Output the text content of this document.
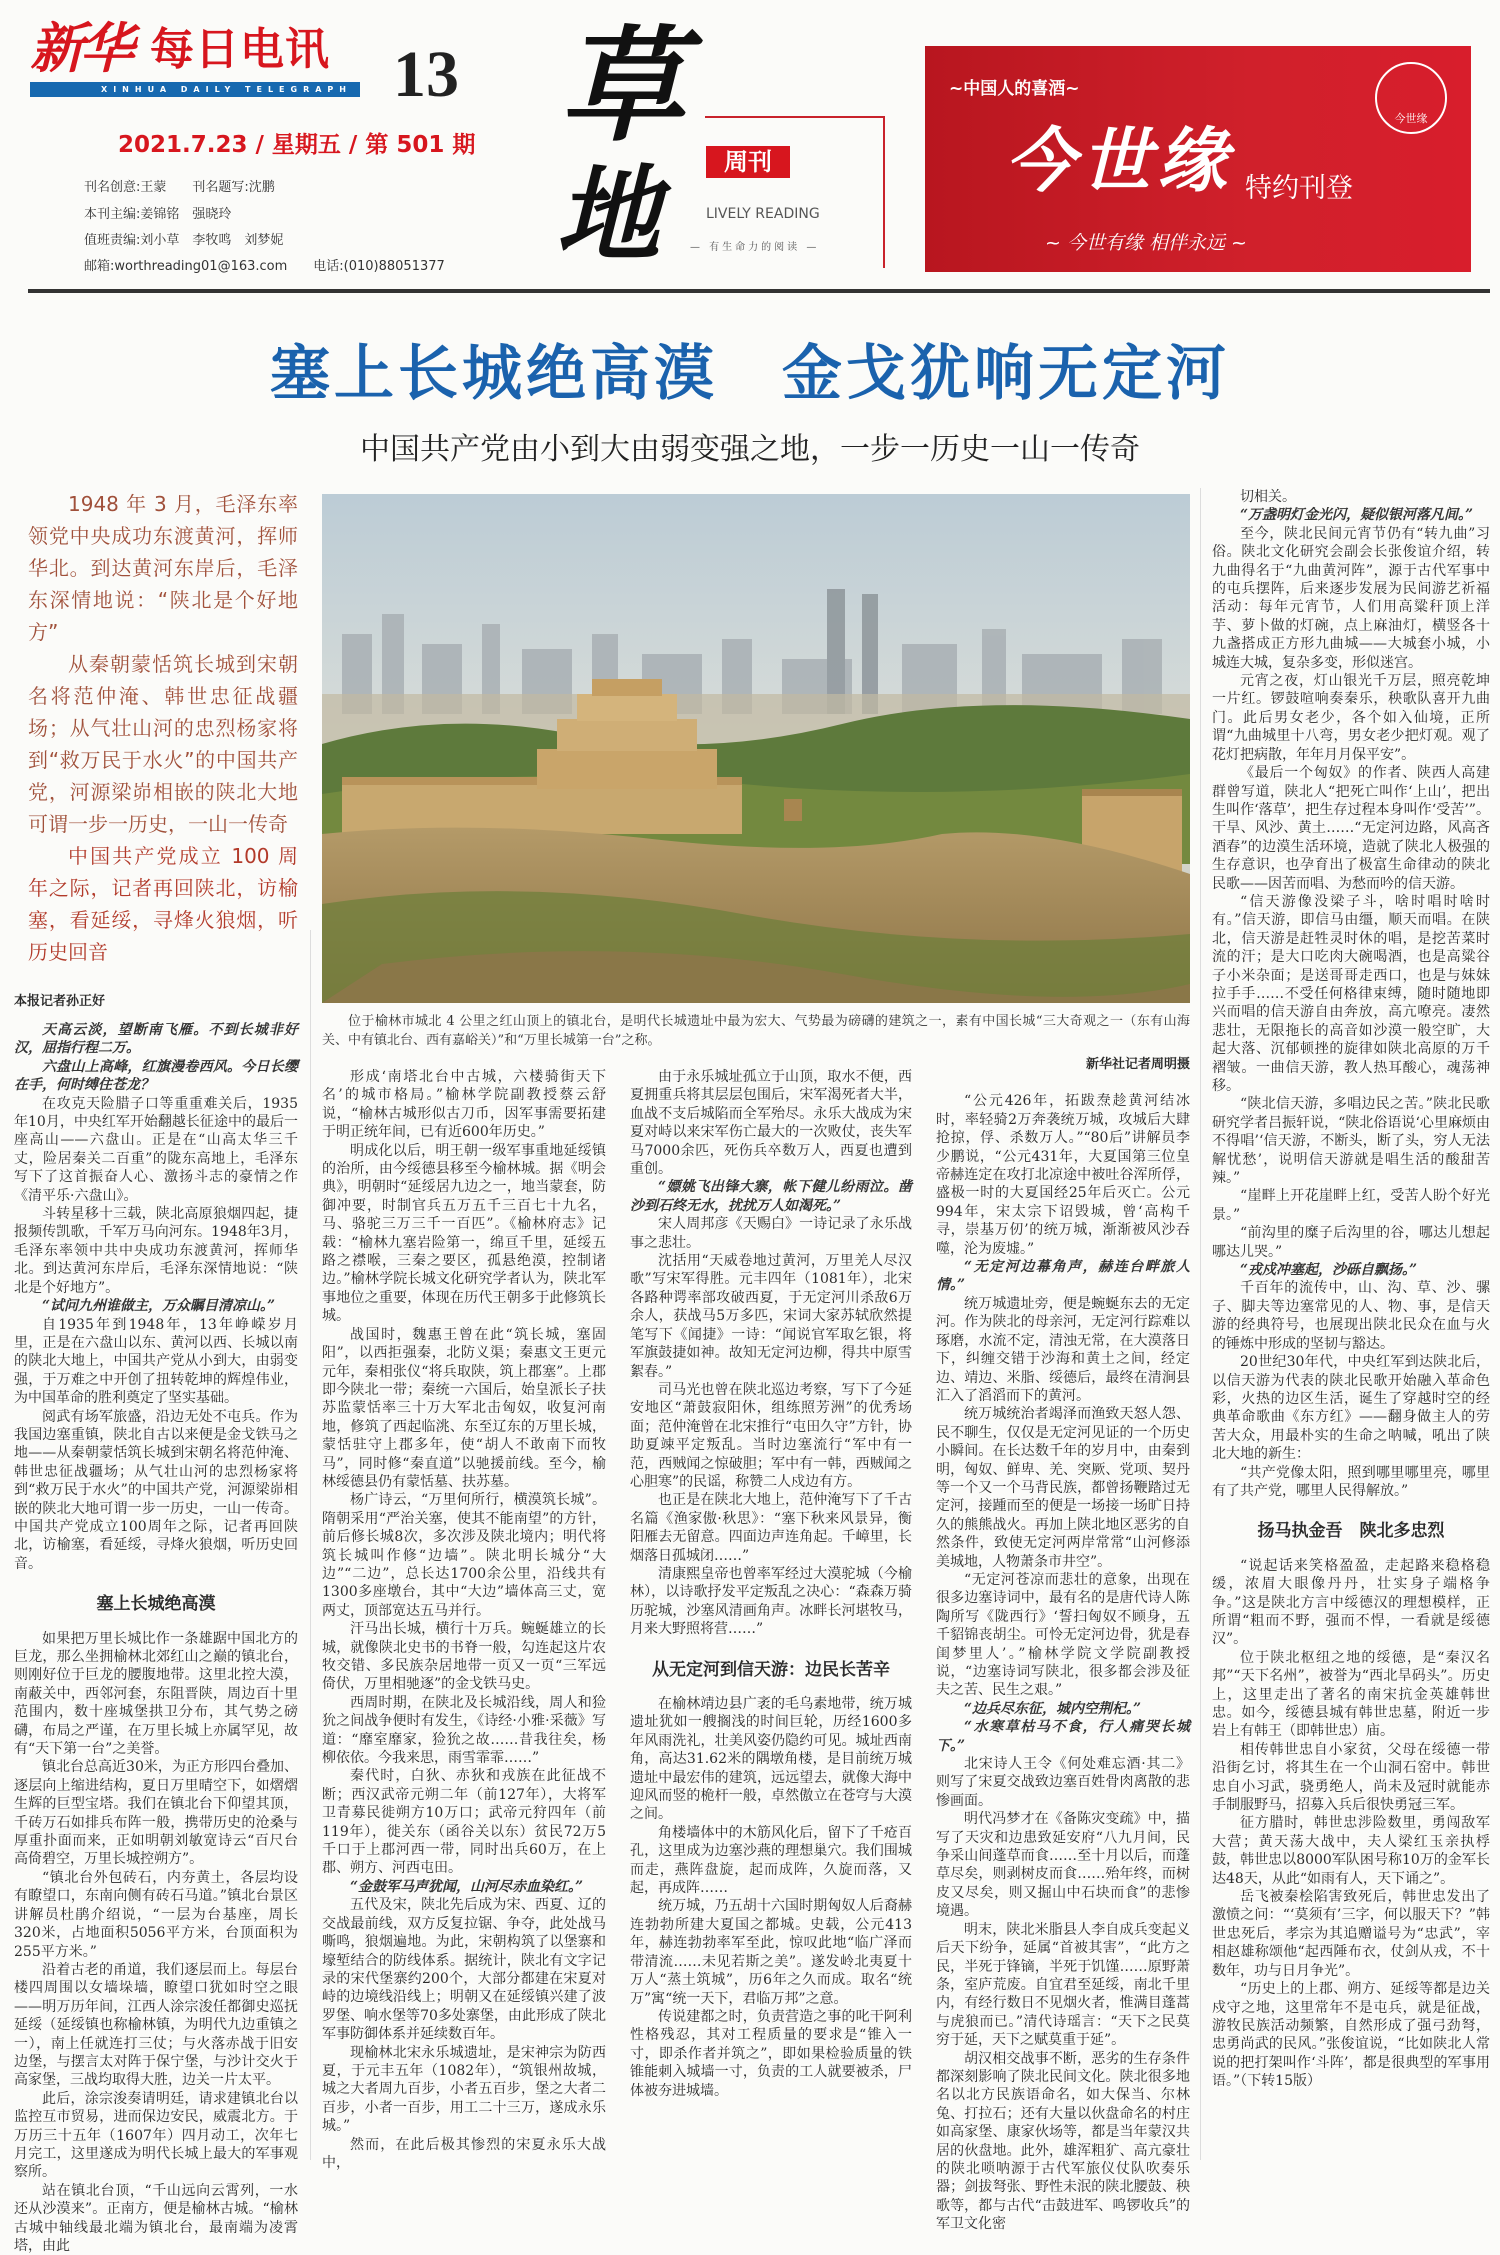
新华 每日电讯
XINHUA DAILY TELEGRAPH 13
2021.7.23 / 星期五 / 第 501 期
刊名创意:王蒙　　刊名题写:沈鹏
本刊主编:姜锦铭　强晓玲
值班责编:刘小草　李牧鸣　刘梦妮
邮箱:worthreading01@163.com　　电话:(010)88051377
草
地	周刊
LIVELY READING
— 有生命力的阅读 —
~中国人的喜酒~
今世缘 特约刊登
~ 今世有缘 相伴永远 ~
今世缘
塞上长城绝高漠　金戈犹响无定河
中国共产党由小到大由弱变强之地，一步一历史一山一传奇

1948 年 3 月，毛泽东率领党中央成功东渡黄河，挥师华北。到达黄河东岸后，毛泽东深情地说：“陕北是个好地方”

从秦朝蒙恬筑长城到宋朝名将范仲淹、韩世忠征战疆场；从气壮山河的忠烈杨家将到“救万民于水火”的中国共产党，河源梁峁相嵌的陕北大地可谓一步一历史，一山一传奇

中国共产党成立 100 周年之际，记者再回陕北，访榆塞，看延绥，寻烽火狼烟，听历史回音

本报记者孙正好

天高云淡，望断南飞雁。不到长城非好汉，屈指行程二万。

六盘山上高峰，红旗漫卷西风。今日长缨在手，何时缚住苍龙？

在攻克天险腊子口等重重难关后，1935年10月，中央红军开始翻越长征途中的最后一座高山——六盘山。正是在“山高太华三千丈，险居秦关二百重”的陇东高地上，毛泽东写下了这首振奋人心、激扬斗志的豪情之作《清平乐·六盘山》。

斗转星移十三载，陕北高原狼烟四起，捷报频传凯歌，千军万马向河东。1948年3月，毛泽东率领中共中央成功东渡黄河，挥师华北。到达黄河东岸后，毛泽东深情地说：“陕北是个好地方”。

“试问九州谁做主，万众瞩目清凉山。”

自1935年到1948年，13年峥嵘岁月里，正是在六盘山以东、黄河以西、长城以南的陕北大地上，中国共产党从小到大，由弱变强，于万难之中开创了扭转乾坤的辉煌伟业，为中国革命的胜利奠定了坚实基础。

阅武有场军旅盛，沿边无处不屯兵。作为我国边塞重镇，陕北自古以来便是金戈铁马之地——从秦朝蒙恬筑长城到宋朝名将范仲淹、韩世忠征战疆场；从气壮山河的忠烈杨家将到“救万民于水火”的中国共产党，河源梁峁相嵌的陕北大地可谓一步一历史，一山一传奇。中国共产党成立100周年之际，记者再回陕北，访榆塞，看延绥，寻烽火狼烟，听历史回音。

塞上长城绝高漠

如果把万里长城比作一条雄踞中国北方的巨龙，那么坐拥榆林北郊红山之巅的镇北台，则刚好位于巨龙的腰腹地带。这里北控大漠，南蔽关中，西邻河套，东阻晋陕，周边百十里范围内，数十座城堡拱卫分布，其气势之磅礴，布局之严谨，在万里长城上亦属罕见，故有“天下第一台”之美誉。

镇北台总高近30米，为正方形四台叠加、逐层向上缩进结构，夏日万里晴空下，如熠熠生辉的巨型宝塔。我们在镇北台下仰望其顶，千砖万石如排兵布阵一般，携带历史的沧桑与厚重扑面而来，正如明朝刘敏宽诗云“百尺台高倚碧空，万里长城控朔方”。

“镇北台外包砖石，内夯黄土，各层均设有瞭望口，东南向侧有砖石马道。”镇北台景区讲解员杜鹃介绍说，“一层为台基座，周长320米，占地面积5056平方米，台顶面积为255平方米。”

沿着古老的甬道，我们逐层而上。每层台楼四周围以女墙垛墙，瞭望口犹如时空之眼——明万历年间，江西人涂宗浚任都御史巡抚延绥（延绥镇也称榆林镇，为明代九边重镇之一），南上任就连打三仗；与火落赤战于旧安边堡，与摆言太对阵于保宁堡，与沙计交火于高家堡，三战均取得大胜，边关一片太平。

此后，涂宗浚奏请明廷，请求建镇北台以监控互市贸易，进而保边安民，威震北方。于万历三十五年（1607年）四月动工，次年七月完工，这里遂成为明代长城上最大的军事观察所。

站在镇北台顶，“千山远向云霄列，一水还从沙漠来”。正南方，便是榆林古城。“榆林古城中轴线最北端为镇北台，最南端为凌霄塔，由此

位于榆林市城北 4 公里之红山顶上的镇北台，是明代长城遗址中最为宏大、气势最为磅礴的建筑之一，素有中国长城“三大奇观之一（东有山海关、中有镇北台、西有嘉峪关）”和“万里长城第一台”之称。

形成‘南塔北台中古城，六楼骑街天下名’的城市格局。”榆林学院副教授蔡云舒说，“榆林古城形似古刀币，因军事需要拓建于明正统年间，已有近600年历史。”

明成化以后，明王朝一级军事重地延绥镇的治所，由今绥德县移至今榆林城。据《明会典》，明朝时“延绥居九边之一，地当蒙套，防御冲要，时制官兵五万五千三百七十九名，马、骆驼三万三千一百匹”。《榆林府志》记载：“榆林九塞岩险第一，绵亘千里，延绥五路之襟喉，三秦之要区，孤悬绝漠，控制诸边。”榆林学院长城文化研究学者认为，陕北军事地位之重要，体现在历代王朝多于此修筑长城。

战国时，魏惠王曾在此“筑长城，塞固阳”，以西拒强秦，北防义渠；秦惠文王更元元年，秦相张仪“将兵取陕，筑上郡塞”。上郡即今陕北一带；秦统一六国后，始皇派长子扶苏监蒙恬率三十万大军北击匈奴，收复河南地，修筑了西起临洮、东至辽东的万里长城，蒙恬驻守上郡多年，使“胡人不敢南下而牧马”，同时修“秦直道”以驰援前线。至今，榆林绥德县仍有蒙恬墓、扶苏墓。

杨广诗云，“万里何所行，横漠筑长城”。隋朝采用“严治关塞，使其不能南望”的方针，前后修长城8次，多次涉及陕北境内；明代将筑长城叫作修“边墙”。陕北明长城分“大边”“二边”，总长达1700余公里，沿线共有1300多座墩台，其中“大边”墙体高三丈，宽两丈，顶部宽达五马并行。

汗马出长城，横行十万兵。蜿蜒雄立的长城，就像陕北史书的书脊一般，勾连起这片农牧交错、多民族杂居地带一页又一页“三军远倚伏，万里相驰逐”的金戈铁马史。

西周时期，在陕北及长城沿线，周人和猃狁之间战争便时有发生，《诗经·小雅·采薇》写道：“靡室靡家，猃狁之故……昔我往矣，杨柳依依。今我来思，雨雪霏霏……”

秦代时，白狄、赤狄和戎族在此征战不断；西汉武帝元朔二年（前127年），大将军卫青募民徙朔方10万口；武帝元狩四年（前119年），徙关东（函谷关以东）贫民72万5千口于上郡河西一带，同时出兵60万，在上郡、朔方、河西屯田。

“金鼓军马声犹闻，山河尽赤血染红。”

五代及宋，陕北先后成为宋、西夏、辽的交战最前线，双方反复拉锯、争夺，此处战马嘶鸣，狼烟遍地。为此，宋朝构筑了以堡寨和壕堑结合的防线体系。据统计，陕北有文字记录的宋代堡寨约200个，大部分都建在宋夏对峙的边境线沿线上；明朝又在延绥镇兴建了波罗堡、响水堡等70多处寨堡，由此形成了陕北军事防御体系并延续数百年。

现榆林北宋永乐城遗址，是宋神宗为防西夏，于元丰五年（1082年），“筑银州故城，城之大者周九百步，小者五百步，堡之大者二百步，小者一百步，用工二十三万，遂成永乐城。”

然而，在此后极其惨烈的宋夏永乐大战中，

由于永乐城址孤立于山顶，取水不便，西夏拥重兵将其层层包围后，宋军渴死者大半，血战不支后城陷而全军殆尽。永乐大战成为宋夏对峙以来宋军伤亡最大的一次败仗，丧失军马7000余匹，死伤兵卒数万人，西夏也遭到重创。

“嫖姚飞出锋大寨，帐下健儿纷雨泣。凿沙到石终无水，扰扰万人如渴死。”

宋人周邦彦《天赐白》一诗记录了永乐战事之悲壮。

沈括用“天威卷地过黄河，万里羌人尽汉歌”写宋军得胜。元丰四年（1081年），北宋各路种谔率部攻破西夏，于无定河川杀敌6万余人，获战马5万多匹，宋词大家苏轼欣然提笔写下《闻捷》一诗：“闻说官军取乞银，将军旗鼓捷如神。故知无定河边柳，得共中原雪絮春。”

司马光也曾在陕北巡边考察，写下了今延安地区“萧鼓寂阳休，组练照芳洲”的优秀场面；范仲淹曾在北宋推行“屯田久守”方针，协助夏竦平定叛乱。当时边塞流行“军中有一范，西贼闻之惊破胆；军中有一韩，西贼闻之心胆寒”的民谣，称赞二人戍边有方。

也正是在陕北大地上，范仲淹写下了千古名篇《渔家傲·秋思》：“塞下秋来风景异，衡阳雁去无留意。四面边声连角起。千嶂里，长烟落日孤城闭……”

清康熙皇帝也曾率军经过大漠驼城（今榆林），以诗歌抒发平定叛乱之决心：“森森万骑历驼城，沙塞风清画角声。冰畔长河堪牧马，月来大野照将营……”

从无定河到信天游：边民长苦辛

在榆林靖边县广袤的毛乌素地带，统万城遗址犹如一艘搁浅的时间巨轮，历经1600多年风雨洗礼，壮美风姿仍隐约可见。城址西南角，高达31.62米的隅墩角楼，是目前统万城遗址中最宏伟的建筑，远远望去，就像大海中迎风而竖的桅杆一般，卓然傲立在苍穹与大漠之间。

角楼墙体中的木筋风化后，留下了千疮百孔，这里成为边塞沙燕的理想巢穴。我们围城而走，燕阵盘旋，起而成阵，久旋而落，又起，再成阵……

统万城，乃五胡十六国时期匈奴人后裔赫连勃勃所建大夏国之都城。史载，公元413年，赫连勃勃率军至此，惊叹此地“临广泽而带清流……未见若斯之美”。遂发岭北夷夏十万人“蒸土筑城”，历6年之久而成。取名“统万”寓“统一天下，君临万邦”之意。

传说建都之时，负责营造之事的叱干阿利性格残忍，其对工程质量的要求是“锥入一寸，即杀作者并筑之”，即如果检验质量的铁锥能刺入城墙一寸，负责的工人就要被杀，尸体被夯进城墙。

新华社记者周明摄

“公元426年，拓跋焘趁黄河结冰时，率轻骑2万奔袭统万城，攻城后大肆抢掠，俘、杀数万人。”“80后”讲解员李少鹏说，“公元431年，大夏国第三位皇帝赫连定在攻打北凉途中被吐谷浑所俘，盛极一时的大夏国经25年后灭亡。公元994年，宋太宗下诏毁城，曾‘高构千寻，崇基万仞’的统万城，渐渐被风沙吞噬，沦为废墟。”

“无定河边幕角声，赫连台畔旅人情。”

统万城遗址旁，便是蜿蜒东去的无定河。作为陕北的母亲河，无定河行踪难以琢磨，水流不定，清浊无常，在大漠落日下，纠缠交错于沙海和黄土之间，经定边、靖边、米脂、绥德后，最终在清涧县汇入了滔滔而下的黄河。

统万城统治者竭泽而渔致天怒人怨、民不聊生，仅仅是无定河见证的一个历史小瞬间。在长达数千年的岁月中，由秦到明，匈奴、鲜卑、羌、突厥、党项、契丹等一个又一个马背民族，都曾扬鞭踏过无定河，接踵而至的便是一场接一场旷日持久的熊熊战火。再加上陕北地区恶劣的自然条件，致使无定河两岸常常“山河修添美城地，人物萧条市井空”。

“无定河苍凉而悲壮的意象，出现在很多边塞诗词中，最有名的是唐代诗人陈陶所写《陇西行》‘誓扫匈奴不顾身，五千貂锦丧胡尘。可怜无定河边骨，犹是春闺梦里人’。”榆林学院文学院副教授说，“边塞诗词写陕北，很多都会涉及征夫之苦、民生之艰。”

“边兵尽东征，城内空荆杞。”

“水寒草枯马不食，行人痛哭长城下。”

北宋诗人王令《何处难忘酒·其二》则写了宋夏交战致边塞百姓骨肉离散的悲惨画面。

明代冯梦才在《备陈灾变疏》中，描写了天灾和边患致延安府“八九月间，民争采山间蓬草而食……至十月以后，而蓬草尽矣，则剥树皮而食……殆年终，而树皮又尽矣，则又掘山中石块而食”的悲惨境遇。

明末，陕北米脂县人李自成兵变起义后天下纷争，延属“首被其害”，“此方之民，半死于锋镝，半死于饥馑……原野萧条，室庐荒废。自宜君至延绥，南北千里内，有经行数日不见烟火者，惟满目蓬蒿与虎狼而已。”清代诗瑶言：“天下之民莫穷于延，天下之赋莫重于延”。

胡汉相交战事不断，恶劣的生存条件都深刻影响了陕北民间文化。陕北很多地名以北方民族语命名，如大保当、尔林兔、打拉石；还有大量以伙盘命名的村庄如高家堡、康家伙场等，都是当年蒙汉共居的伙盘地。此外，雄浑粗犷、高亢豪壮的陕北唢呐源于古代军旅仪仗队吹奏乐器；剑拔弩张、野性未泯的陕北腰鼓、秧歌等，都与古代“击鼓进军、鸣锣收兵”的军卫文化密

切相关。

“万盏明灯金光闪，疑似银河落凡间。”

至今，陕北民间元宵节仍有“转九曲”习俗。陕北文化研究会副会长张俊谊介绍，转九曲得名于“九曲黄河阵”，源于古代军事中的屯兵摆阵，后来逐步发展为民间游艺祈福活动：每年元宵节，人们用高粱秆顶上洋芋、萝卜做的灯碗，点上麻油灯，横竖各十九盏搭成正方形九曲城——大城套小城，小城连大城，复杂多变，形似迷宫。

元宵之夜，灯山银光千万层，照亮乾坤一片红。锣鼓喧响奏秦乐，秧歌队喜开九曲门。此后男女老少，各个如入仙境，正所谓“九曲城里十八弯，男女老少把灯观。观了花灯把病散，年年月月保平安”。

《最后一个匈奴》的作者、陕西人高建群曾写道，陕北人“把死亡叫作‘上山’，把出生叫作‘落草’，把生存过程本身叫作‘受苦’”。干旱、风沙、黄土……“无定河边路，风高吝酒春”的边漠生活环境，造就了陕北人极强的生存意识，也孕育出了极富生命律动的陕北民歌——因苦而唱、为愁而吟的信天游。

“信天游像没梁子斗，啥时唱时啥时有。”信天游，即信马由缰，顺天而唱。在陕北，信天游是赶牲灵时休的唱，是挖苦菜时流的汗；是大口吃肉大碗喝酒，也是高粱谷子小米杂面；是送哥哥走西口，也是与妹妹拉手手……不受任何格律束缚，随时随地即兴而唱的信天游自由奔放，高亢嘹亮。凄然悲壮，无限拖长的高音如沙漠一般空旷，大起大落、沉郁顿挫的旋律如陕北高原的万千褶皱。一曲信天游，教人热耳酸心，魂荡神移。

“陕北信天游，多唱边民之苦。”陕北民歌研究学者吕振轩说，“陕北俗语说‘心里麻烦由不得唱’‘信天游，不断头，断了头，穷人无法解忧愁’，说明信天游就是唱生活的酸甜苦辣。”

“崖畔上开花崖畔上红，受苦人盼个好光景。”

“前沟里的糜子后沟里的谷，哪达儿想起哪达儿哭。”

“戎戍冲塞起，沙砾自飘扬。”

千百年的流传中，山、沟、草、沙、骡子、脚夫等边塞常见的人、物、事，是信天游的经典符号，也展现出陕北民众在血与火的锤炼中形成的坚韧与豁达。

20世纪30年代，中央红军到达陕北后，以信天游为代表的陕北民歌开始融入革命色彩，火热的边区生活，诞生了穿越时空的经典革命歌曲《东方红》——翻身做主人的劳苦大众，用最朴实的生命之呐喊，吼出了陕北大地的新生：

“共产党像太阳，照到哪里哪里亮，哪里有了共产党，哪里人民得解放。”

扬马执金吾　陕北多忠烈

“说起话来笑格盈盈，走起路来稳格稳缓，浓眉大眼像丹丹，壮实身子端格争争。”这是陕北方言中绥德汉的理想模样，正所谓“粗而不野，强而不悍，一看就是绥德汉”。

位于陕北枢纽之地的绥德，是“秦汉名邦”“天下名州”，被誉为“西北旱码头”。历史上，这里走出了著名的南宋抗金英雄韩世忠。如今，绥德县城有韩世忠墓，附近一步岩上有韩王（即韩世忠）庙。

相传韩世忠自小家贫，父母在绥德一带沿街乞讨，将其生在一个山洞石窑中。韩世忠自小习武，骁勇绝人，尚未及冠时就能赤手制服野马，招募入兵后很快勇冠三军。

征方腊时，韩世忠涉险数里，勇闯敌军大营；黄天荡大战中，夫人梁红玉亲执桴鼓，韩世忠以8000军队困号称10万的金军长达48天，从此“如雨有人，天下诵之”。

岳飞被秦桧陷害致死后，韩世忠发出了激愤之问：“‘莫须有’三字，何以服天下？”韩世忠死后，孝宗为其追赠谥号为“忠武”，宰相赵雄称颂他“起西陲布衣，仗剑从戎，不十数年，功与日月争光”。

“历史上的上郡、朔方、延绥等都是边关戍守之地，这里常年不是屯兵，就是征战，游牧民族活动频繁，自然形成了强弓劲弩，忠勇尚武的民风。”张俊谊说，“比如陕北人常说的把打架叫作‘斗阵’，都是很典型的军事用语。”（下转15版）
